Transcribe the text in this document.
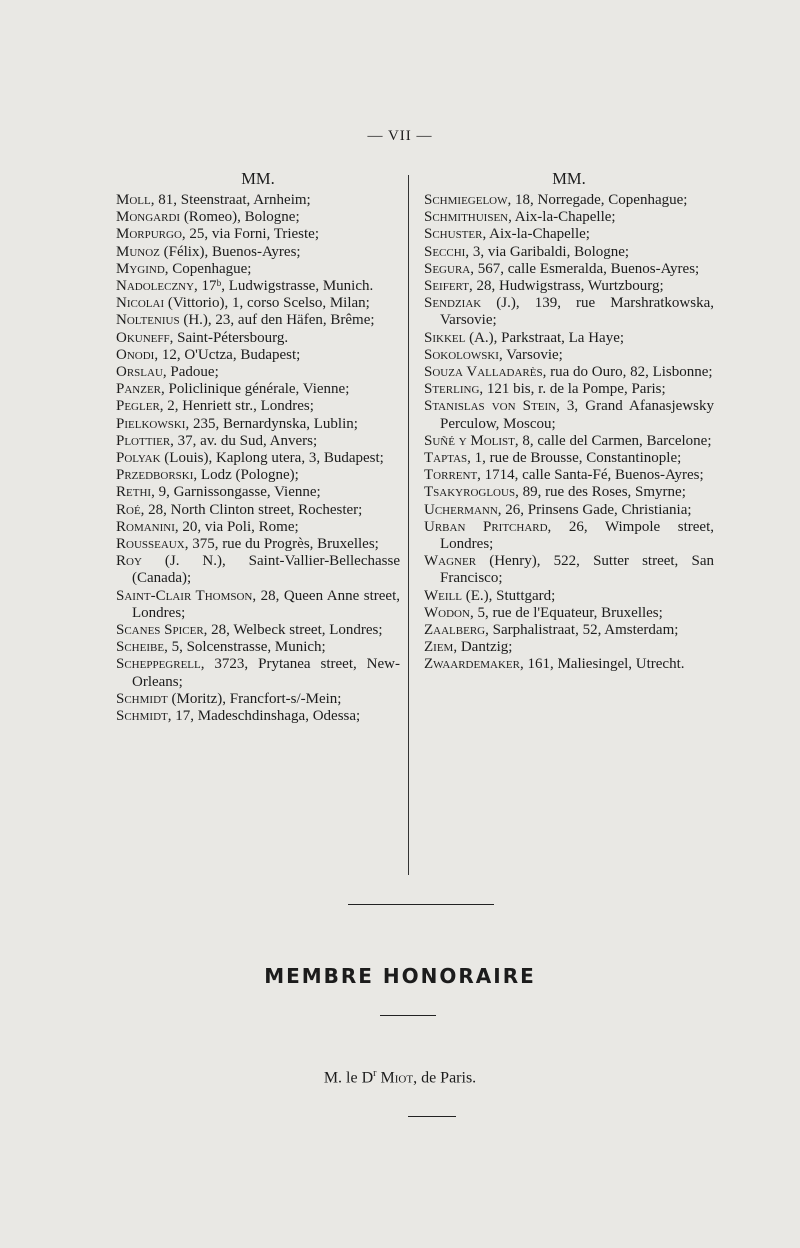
— VII —
MM.
Moll, 81, Steenstraat, Arnheim;
Mongardi (Romeo), Bologne;
Morpurgo, 25, via Forni, Trieste;
Munoz (Félix), Buenos-Ayres;
Mygind, Copenhague;
Nadoleczny, 17ᵇ, Ludwigstrasse, Munich.
Nicolai (Vittorio), 1, corso Scelso, Milan;
Noltenius (H.), 23, auf den Häfen, Brême;
Okuneff, Saint-Pétersbourg.
Onodi, 12, O'Uctza, Budapest;
Orslau, Padoue;
Panzer, Policlinique générale, Vienne;
Pegler, 2, Henriett str., Londres;
Pielkowski, 235, Bernardynska, Lublin;
Plottier, 37, av. du Sud, Anvers;
Polyak (Louis), Kaplong utera, 3, Budapest;
Przedborski, Lodz (Pologne);
Rethi, 9, Garnissongasse, Vienne;
Roé, 28, North Clinton street, Rochester;
Romanini, 20, via Poli, Rome;
Rousseaux, 375, rue du Progrès, Bruxelles;
Roy (J. N.), Saint-Vallier-Bellechasse (Canada);
Saint-Clair Thomson, 28, Queen Anne street, Londres;
Scanes Spicer, 28, Welbeck street, Londres;
Scheibe, 5, Solcenstrasse, Munich;
Scheppegrell, 3723, Prytanea street, New-Orleans;
Schmidt (Moritz), Francfort-s/-Mein;
Schmidt, 17, Madeschdinshaga, Odessa;
MM.
Schmiegelow, 18, Norregade, Copenhague;
Schmithuisen, Aix-la-Chapelle;
Schuster, Aix-la-Chapelle;
Secchi, 3, via Garibaldi, Bologne;
Segura, 567, calle Esmeralda, Buenos-Ayres;
Seifert, 28, Hudwigstrass, Wurtzbourg;
Sendziak (J.), 139, rue Marshratkowska, Varsovie;
Sikkel (A.), Parkstraat, La Haye;
Sokolowski, Varsovie;
Souza Valladarès, rua do Ouro, 82, Lisbonne;
Sterling, 121 bis, r. de la Pompe, Paris;
Stanislas von Stein, 3, Grand Afanasjewsky Perculow, Moscou;
Suñé y Molist, 8, calle del Carmen, Barcelone;
Taptas, 1, rue de Brousse, Constantinople;
Torrent, 1714, calle Santa-Fé, Buenos-Ayres;
Tsakyroglous, 89, rue des Roses, Smyrne;
Uchermann, 26, Prinsens Gade, Christiania;
Urban Pritchard, 26, Wimpole street, Londres;
Wagner (Henry), 522, Sutter street, San Francisco;
Weill (E.), Stuttgard;
Wodon, 5, rue de l'Equateur, Bruxelles;
Zaalberg, Sarphalistraat, 52, Amsterdam;
Ziem, Dantzig;
Zwaardemaker, 161, Maliesingel, Utrecht.
MEMBRE HONORAIRE
M. le $D^r$ Miot, de Paris.
